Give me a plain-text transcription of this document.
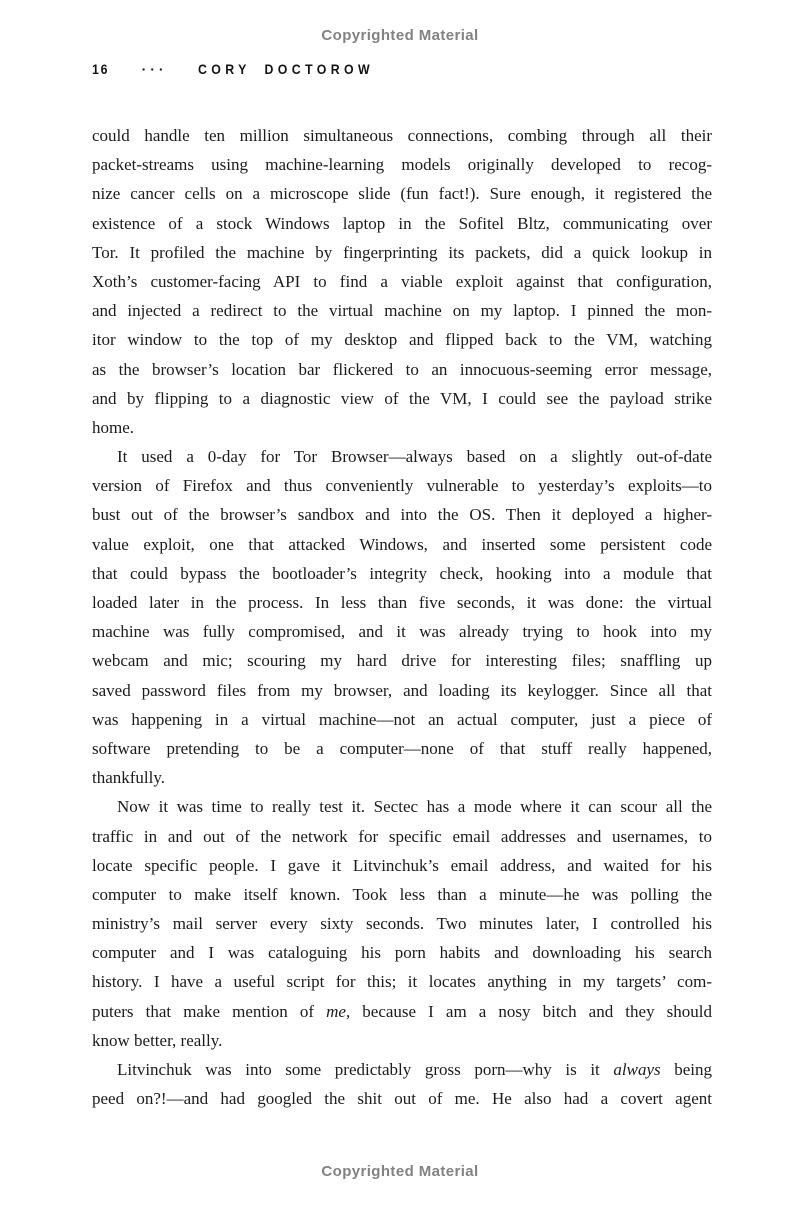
Copyrighted Material
16 ··· CORY DOCTOROW
could handle ten million simultaneous connections, combing through all their
packet-streams using machine-learning models originally developed to recog-
nize cancer cells on a microscope slide (fun fact!). Sure enough, it registered the
existence of a stock Windows laptop in the Sofitel Bltz, communicating over
Tor. It profiled the machine by fingerprinting its packets, did a quick lookup in
Xoth’s customer-facing API to find a viable exploit against that configuration,
and injected a redirect to the virtual machine on my laptop. I pinned the mon-
itor window to the top of my desktop and flipped back to the VM, watching
as the browser’s location bar flickered to an innocuous-seeming error message,
and by flipping to a diagnostic view of the VM, I could see the payload strike
home.
It used a 0-day for Tor Browser—always based on a slightly out-of-date
version of Firefox and thus conveniently vulnerable to yesterday’s exploits—to
bust out of the browser’s sandbox and into the OS. Then it deployed a higher-
value exploit, one that attacked Windows, and inserted some persistent code
that could bypass the bootloader’s integrity check, hooking into a module that
loaded later in the process. In less than five seconds, it was done: the virtual
machine was fully compromised, and it was already trying to hook into my
webcam and mic; scouring my hard drive for interesting files; snaffling up
saved password files from my browser, and loading its keylogger. Since all that
was happening in a virtual machine—not an actual computer, just a piece of
software pretending to be a computer—none of that stuff really happened,
thankfully.
Now it was time to really test it. Sectec has a mode where it can scour all the
traffic in and out of the network for specific email addresses and usernames, to
locate specific people. I gave it Litvinchuk’s email address, and waited for his
computer to make itself known. Took less than a minute—he was polling the
ministry’s mail server every sixty seconds. Two minutes later, I controlled his
computer and I was cataloguing his porn habits and downloading his search
history. I have a useful script for this; it locates anything in my targets’ com-
puters that make mention of me, because I am a nosy bitch and they should
know better, really.
Litvinchuk was into some predictably gross porn—why is it always being
peed on?!—and had googled the shit out of me. He also had a covert agent
Copyrighted Material
